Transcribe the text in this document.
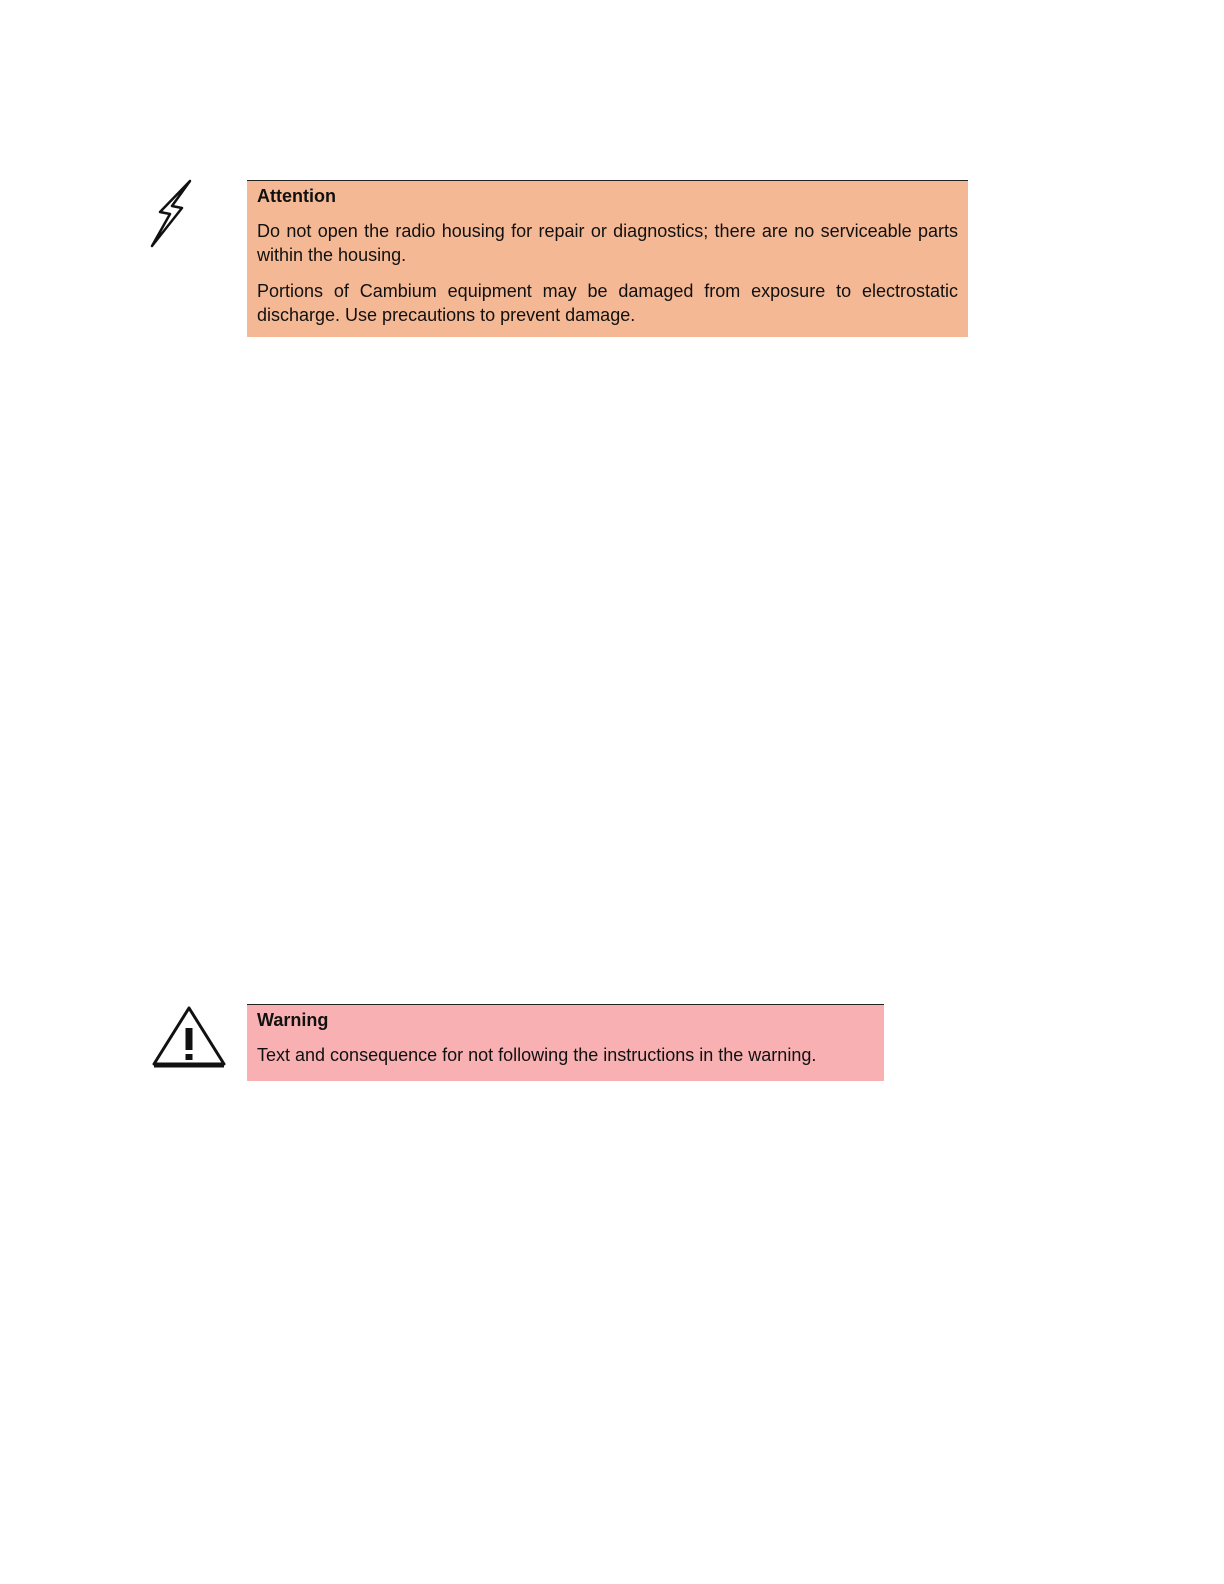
Attention

Do not open the radio housing for repair or diagnostics; there are no serviceable parts within the housing.

Portions of Cambium equipment may be damaged from exposure to electrostatic discharge. Use precautions to prevent damage.

Warning

Text and consequence for not following the instructions in the warning.
